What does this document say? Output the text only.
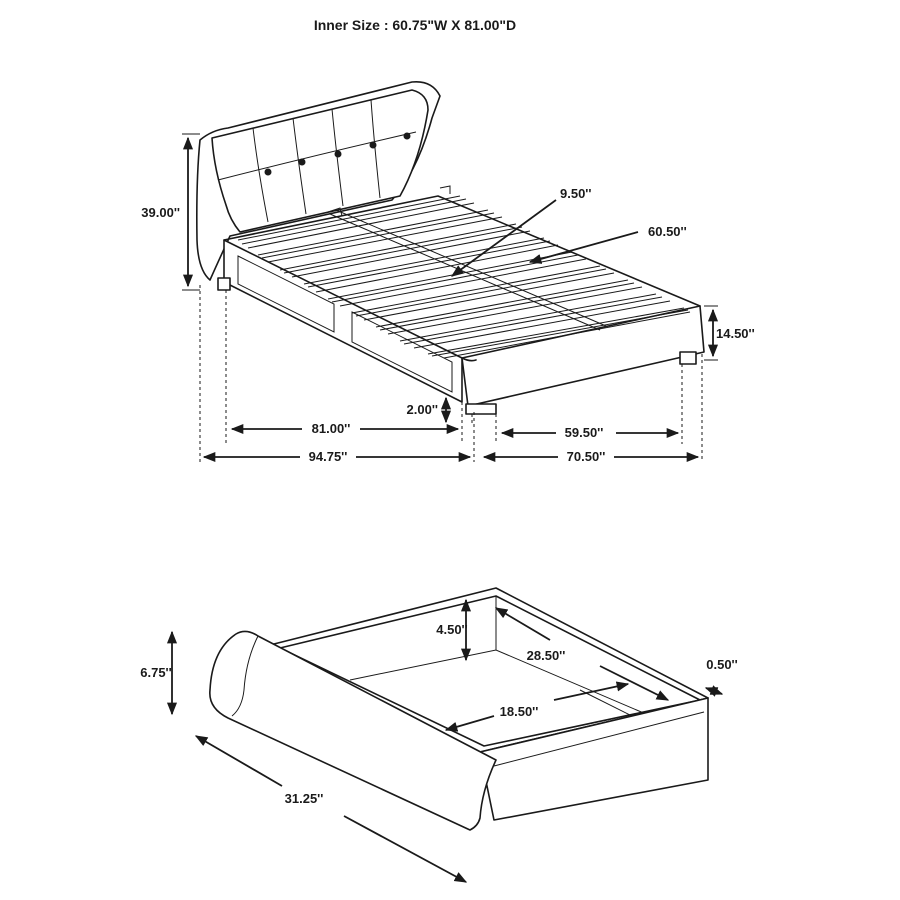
Inner Size : 60.75"W X 81.00"D
39.00''
9.50''
60.50''
14.50''
2.00''
81.00''	59.50''
94.75''	70.50''
6.75''
4.50''
28.50''
0.50''
18.50''
31.25''
